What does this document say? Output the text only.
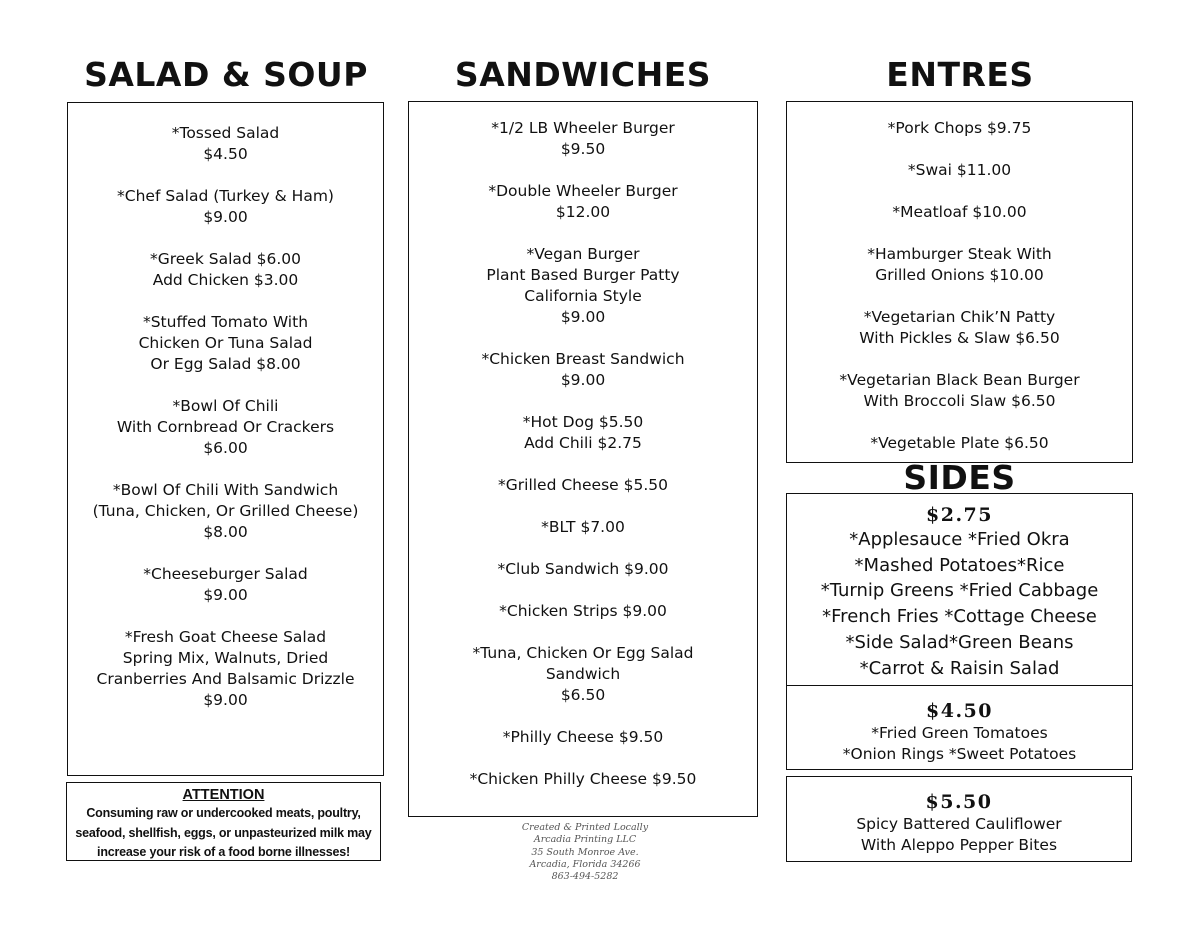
SALAD & SOUP	SANDWICHES	ENTRES
*Tossed Salad
$4.50
*Chef Salad (Turkey & Ham)
$9.00
*Greek Salad $6.00
Add Chicken $3.00
*Stuffed Tomato With
Chicken Or Tuna Salad
Or Egg Salad $8.00
*Bowl Of Chili
With Cornbread Or Crackers
$6.00
*Bowl Of Chili With Sandwich
(Tuna, Chicken, Or Grilled Cheese)
$8.00
*Cheeseburger Salad
$9.00
*Fresh Goat Cheese Salad
Spring Mix, Walnuts, Dried
Cranberries And Balsamic Drizzle
$9.00
ATTENTION
Consuming raw or undercooked meats, poultry,
seafood, shellfish, eggs, or unpasteurized milk may
increase your risk of a food borne illnesses!
*1/2 LB Wheeler Burger
$9.50
*Double Wheeler Burger
$12.00
*Vegan Burger
Plant Based Burger Patty
California Style
$9.00
*Chicken Breast Sandwich
$9.00
*Hot Dog $5.50
Add Chili $2.75
*Grilled Cheese $5.50
*BLT $7.00
*Club Sandwich $9.00
*Chicken Strips $9.00
*Tuna, Chicken Or Egg Salad
Sandwich
$6.50
*Philly Cheese $9.50
*Chicken Philly Cheese $9.50
Created & Printed Locally
Arcadia Printing LLC
35 South Monroe Ave.
Arcadia, Florida 34266
863-494-5282
*Pork Chops $9.75
*Swai $11.00
*Meatloaf $10.00
*Hamburger Steak With
Grilled Onions $10.00
*Vegetarian Chik’N Patty
With Pickles & Slaw $6.50
*Vegetarian Black Bean Burger
With Broccoli Slaw $6.50
*Vegetable Plate $6.50
SIDES
$2.75
*Applesauce *Fried Okra
*Mashed Potatoes*Rice
*Turnip Greens *Fried Cabbage
*French Fries *Cottage Cheese
*Side Salad*Green Beans
*Carrot & Raisin Salad
$4.50
*Fried Green Tomatoes
*Onion Rings *Sweet Potatoes
$5.50
Spicy Battered Cauliflower
With Aleppo Pepper Bites
